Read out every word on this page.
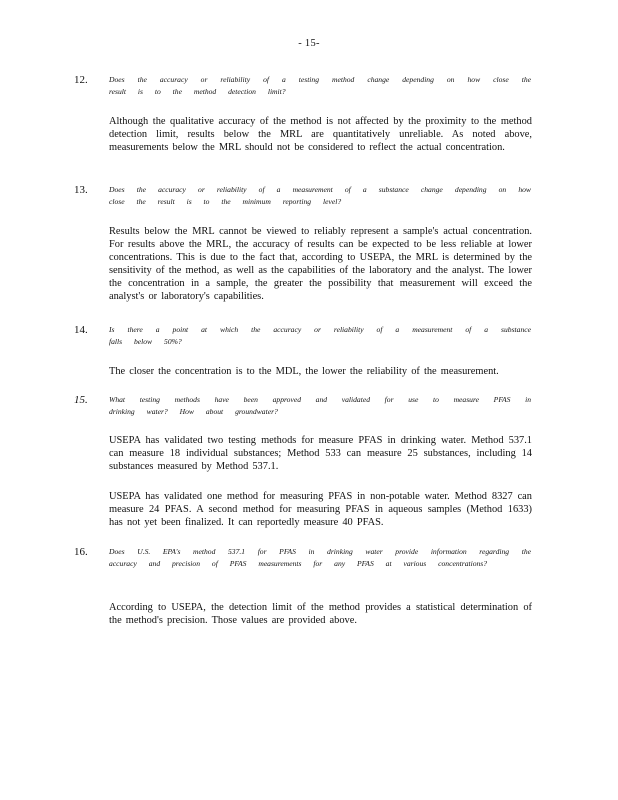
- 15-
12.	Does the accuracy or reliability of a testing method change depending on how close the result is to the method detection limit?
Although the qualitative accuracy of the method is not affected by the proximity to the method detection limit, results below the MRL are quantitatively unreliable. As noted above, measurements below the MRL should not be considered to reflect the actual concentration.
13.	Does the accuracy or reliability of a measurement of a substance change depending on how close the result is to the minimum reporting level?
Results below the MRL cannot be viewed to reliably represent a sample's actual concentration. For results above the MRL, the accuracy of results can be expected to be less reliable at lower concentrations. This is due to the fact that, according to USEPA, the MRL is determined by the sensitivity of the method, as well as the capabilities of the laboratory and the analyst. The lower the concentration in a sample, the greater the possibility that measurement will exceed the analyst's or laboratory's capabilities.
14.	Is there a point at which the accuracy or reliability of a measurement of a substance falls below 50%?
The closer the concentration is to the MDL, the lower the reliability of the measurement.
15.	What testing methods have been approved and validated for use to measure PFAS in drinking water? How about groundwater?
USEPA has validated two testing methods for measure PFAS in drinking water. Method 537.1 can measure 18 individual substances; Method 533 can measure 25 substances, including 14 substances measured by Method 537.1.
USEPA has validated one method for measuring PFAS in non-potable water. Method 8327 can measure 24 PFAS. A second method for measuring PFAS in aqueous samples (Method 1633) has not yet been finalized. It can reportedly measure 40 PFAS.
16.	Does U.S. EPA's method 537.1 for PFAS in drinking water provide information regarding the accuracy and precision of PFAS measurements for any PFAS at various concentrations?
According to USEPA, the detection limit of the method provides a statistical determination of the method's precision. Those values are provided above.
